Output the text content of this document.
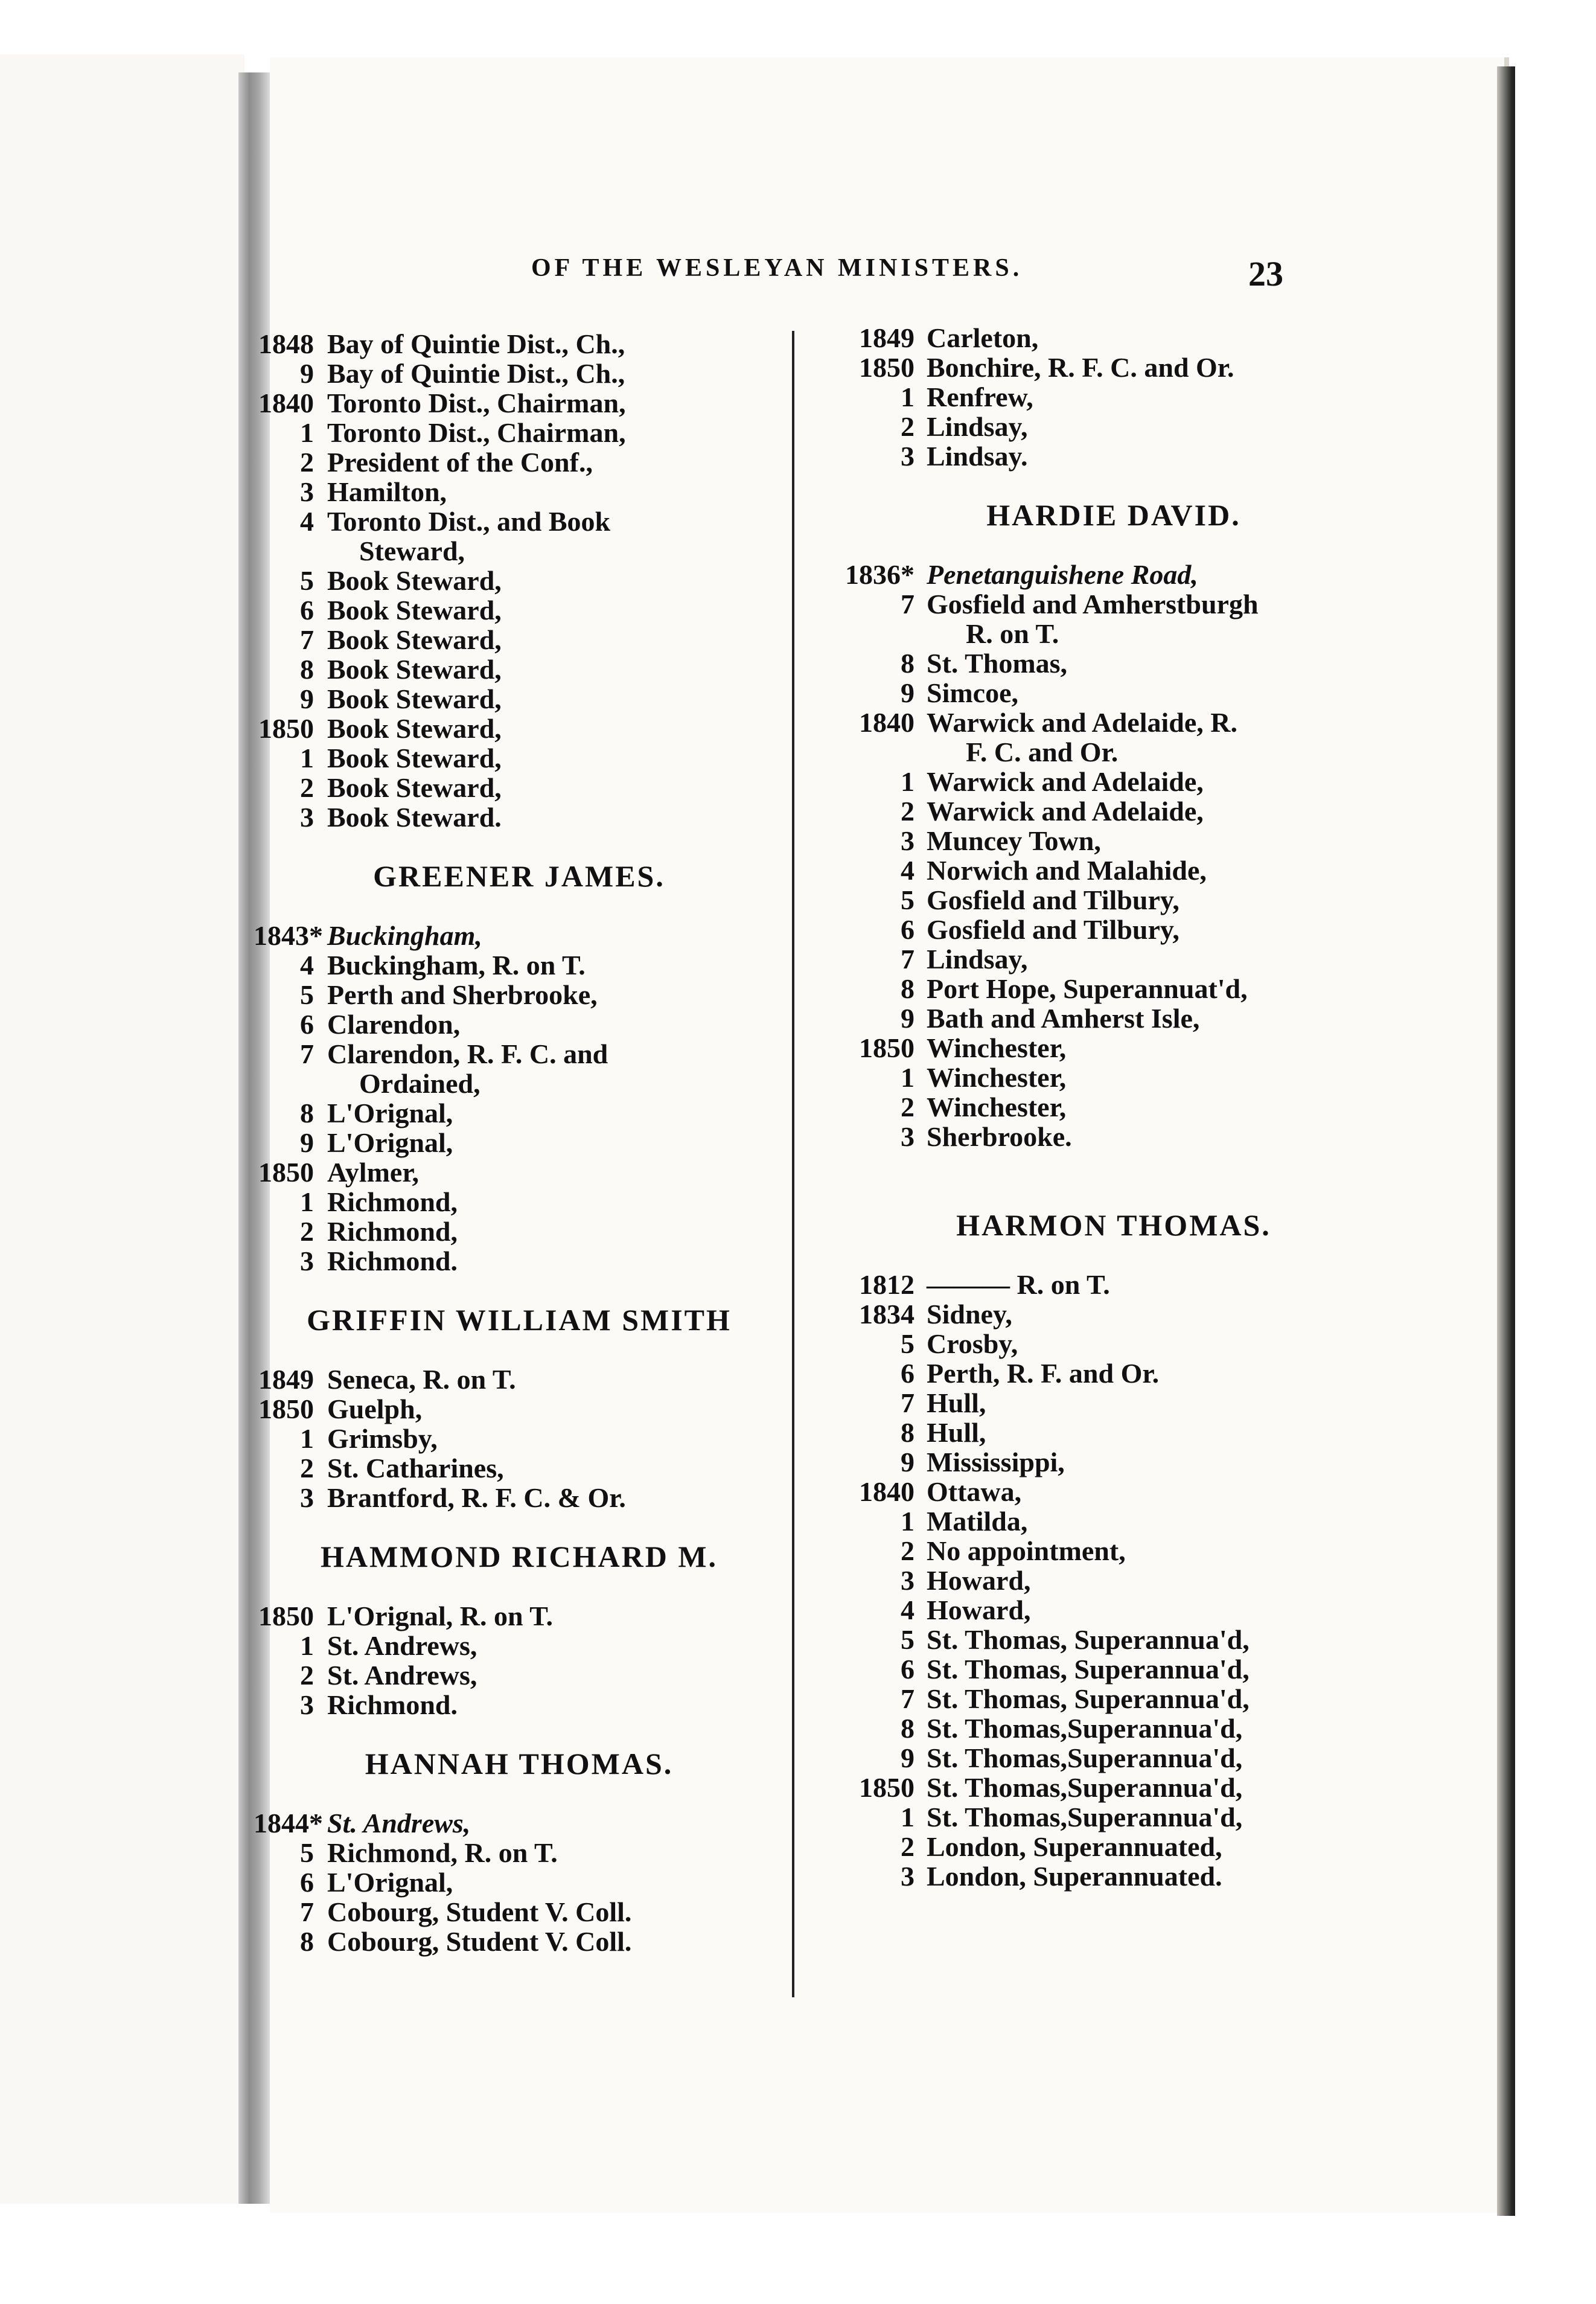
OF THE WESLEYAN MINISTERS.	23
1848 Bay of Quintie Dist., Ch.,
9 Bay of Quintie Dist., Ch.,
1840 Toronto Dist., Chairman,
1 Toronto Dist., Chairman,
2 President of the Conf.,
3 Hamilton,
4 Toronto Dist., and Book
Steward,
5 Book Steward,
6 Book Steward,
7 Book Steward,
8 Book Steward,
9 Book Steward,
1850 Book Steward,
1 Book Steward,
2 Book Steward,
3 Book Steward.
GREENER JAMES.
1843* Buckingham,
4 Buckingham, R. on T.
5 Perth and Sherbrooke,
6 Clarendon,
7 Clarendon, R. F. C. and
Ordained,
8 L'Orignal,
9 L'Orignal,
1850 Aylmer,
1 Richmond,
2 Richmond,
3 Richmond.
GRIFFIN WILLIAM SMITH
1849 Seneca, R. on T.
1850 Guelph,
1 Grimsby,
2 St. Catharines,
3 Brantford, R. F. C. & Or.
HAMMOND RICHARD M.
1850 L'Orignal, R. on T.
1 St. Andrews,
2 St. Andrews,
3 Richmond.
HANNAH THOMAS.
1844* St. Andrews,
5 Richmond, R. on T.
6 L'Orignal,
7 Cobourg, Student V. Coll.
8 Cobourg, Student V. Coll.
1849 Carleton,
1850 Bonchire, R. F. C. and Or.
1 Renfrew,
2 Lindsay,
3 Lindsay.
HARDIE DAVID.
1836* Penetanguishene Road,
7 Gosfield and Amherstburgh
R. on T.
8 St. Thomas,
9 Simcoe,
1840 Warwick and Adelaide, R.
F. C. and Or.
1 Warwick and Adelaide,
2 Warwick and Adelaide,
3 Muncey Town,
4 Norwich and Malahide,
5 Gosfield and Tilbury,
6 Gosfield and Tilbury,
7 Lindsay,
8 Port Hope, Superannuat'd,
9 Bath and Amherst Isle,
1850 Winchester,
1 Winchester,
2 Winchester,
3 Sherbrooke.
HARMON THOMAS.
1812 ——— R. on T.
1834 Sidney,
5 Crosby,
6 Perth, R. F. and Or.
7 Hull,
8 Hull,
9 Mississippi,
1840 Ottawa,
1 Matilda,
2 No appointment,
3 Howard,
4 Howard,
5 St. Thomas, Superannua'd,
6 St. Thomas, Superannua'd,
7 St. Thomas, Superannua'd,
8 St. Thomas,Superannua'd,
9 St. Thomas,Superannua'd,
1850 St. Thomas,Superannua'd,
1 St. Thomas,Superannua'd,
2 London, Superannuated,
3 London, Superannuated.
